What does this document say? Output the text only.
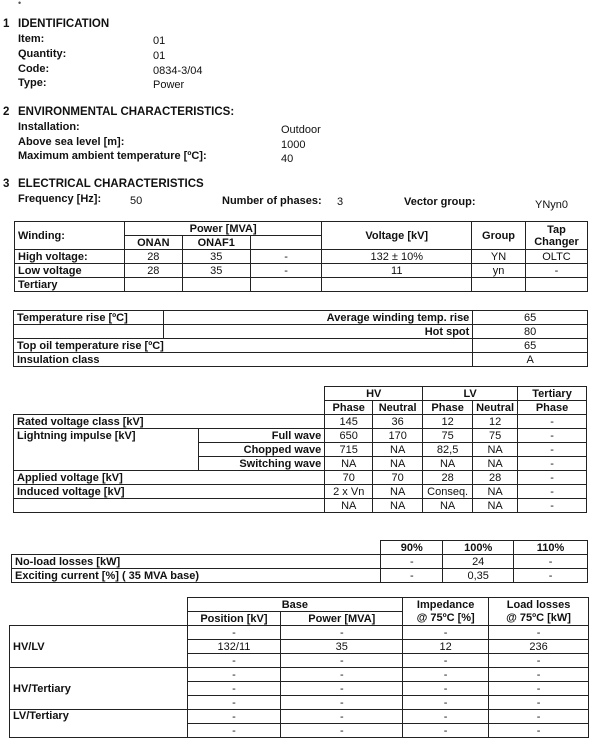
•
1 IDENTIFICATION
Item:	01
Quantity:	01
Code:	0834-3/04
Type:	Power
2 ENVIRONMENTAL CHARACTERISTICS:
Installation:	Outdoor
Above sea level [m]:	1000
Maximum ambient temperature [ºC]:	40
3 ELECTRICAL CHARACTERISTICS
Frequency [Hz]:	50	Number of phases: 3	Vector group:	YNyn0
Winding:	Power [MVA]			Voltage [kV]	Group	Tap Changer
	ONAN	ONAF1				
High voltage:	28	35	-	132 ± 10%	YN	OLTC
Low voltage	28	35	-	11	yn	-
Tertiary						
Temperature rise [ºC]	Average winding temp. rise	65
	Hot spot	80
Top oil temperature rise [ºC]		65
Insulation class		A
		HV		LV		Tertiary
		Phase	Neutral	Phase	Neutral	Phase
Rated voltage class [kV]		145	36	12	12	-
Lightning impulse [kV]	Full wave	650	170	75	75	-
	Chopped wave	715	NA	82,5	NA	-
	Switching wave	NA	NA	NA	NA	-
Applied voltage [kV]		70	70	28	28	-
Induced voltage [kV]		2 x Vn	NA	Conseq.	NA	-
		NA	NA	NA	NA	-
	90%	100%	110%
No-load losses [kW]	-	24	-
Exciting current [%] ( 35 MVA base)	-	0,35	-
	Base		Impedance	Load losses
	Position [kV]	Power [MVA]	@ 75ºC [%]	@ 75ºC [kW]
HV/LV	-	-	-	-
	132/11	35	12	236
	-	-	-	-
HV/Tertiary	-	-	-	-
	-	-	-	-
	-	-	-	-
LV/Tertiary	-	-	-	-
	-	-	-	-
